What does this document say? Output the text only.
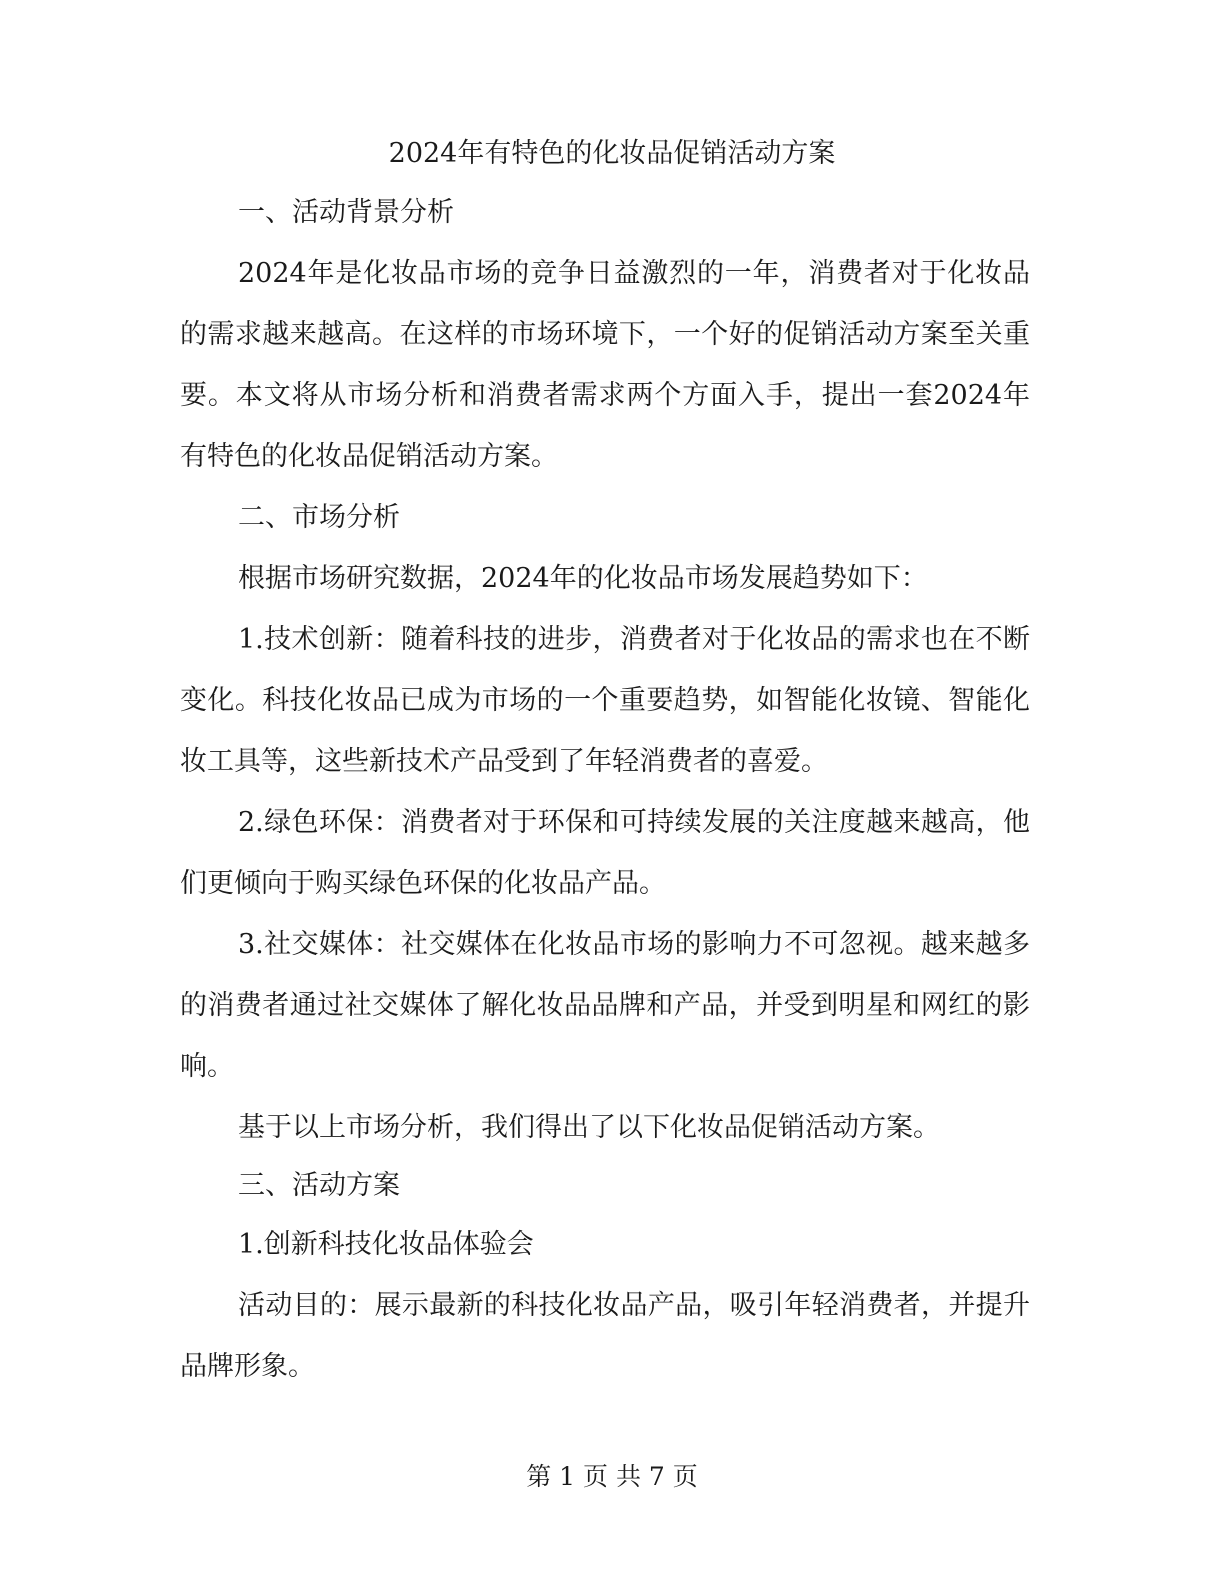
2024年有特色的化妆品促销活动方案

一、活动背景分析

2024年是化妆品市场的竞争日益激烈的一年，消费者对于化妆品的需求越来越高。在这样的市场环境下，一个好的促销活动方案至关重要。本文将从市场分析和消费者需求两个方面入手，提出一套2024年有特色的化妆品促销活动方案。

二、市场分析

根据市场研究数据，2024年的化妆品市场发展趋势如下：

1.技术创新：随着科技的进步，消费者对于化妆品的需求也在不断变化。科技化妆品已成为市场的一个重要趋势，如智能化妆镜、智能化妆工具等，这些新技术产品受到了年轻消费者的喜爱。

2.绿色环保：消费者对于环保和可持续发展的关注度越来越高，他们更倾向于购买绿色环保的化妆品产品。

3.社交媒体：社交媒体在化妆品市场的影响力不可忽视。越来越多的消费者通过社交媒体了解化妆品品牌和产品，并受到明星和网红的影响。

基于以上市场分析，我们得出了以下化妆品促销活动方案。

三、活动方案

1.创新科技化妆品体验会

活动目的：展示最新的科技化妆品产品，吸引年轻消费者，并提升品牌形象。

第 1 页 共 7 页
